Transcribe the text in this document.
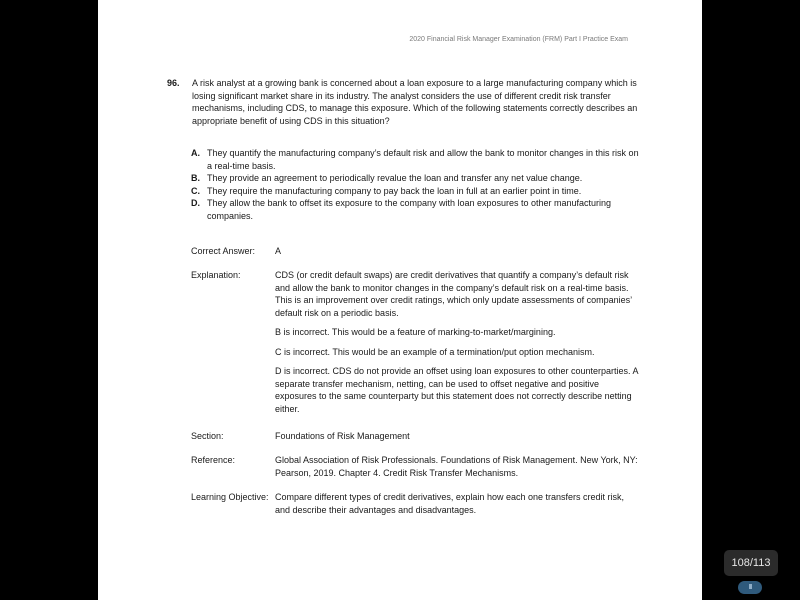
2020 Financial Risk Manager Examination (FRM) Part I Practice Exam
96. A risk analyst at a growing bank is concerned about a loan exposure to a large manufacturing company which is losing significant market share in its industry. The analyst considers the use of different credit risk transfer mechanisms, including CDS, to manage this exposure. Which of the following statements correctly describes an appropriate benefit of using CDS in this situation?
A. They quantify the manufacturing company’s default risk and allow the bank to monitor changes in this risk on a real-time basis.
B. They provide an agreement to periodically revalue the loan and transfer any net value change.
C. They require the manufacturing company to pay back the loan in full at an earlier point in time.
D. They allow the bank to offset its exposure to the company with loan exposures to other manufacturing companies.
Correct Answer:	A
Explanation:	CDS (or credit default swaps) are credit derivatives that quantify a company’s default risk and allow the bank to monitor changes in the company’s default risk on a real-time basis. This is an improvement over credit ratings, which only update assessments of companies’ default risk on a periodic basis.

B is incorrect. This would be a feature of marking-to-market/margining.

C is incorrect. This would be an example of a termination/put option mechanism.

D is incorrect. CDS do not provide an offset using loan exposures to other counterparties. A separate transfer mechanism, netting, can be used to offset negative and positive exposures to the same counterparty but this statement does not correctly describe netting either.

Section:	Foundations of Risk Management
Reference:	Global Association of Risk Professionals. Foundations of Risk Management. New York, NY: Pearson, 2019. Chapter 4. Credit Risk Transfer Mechanisms.
Learning Objective: Compare different types of credit derivatives, explain how each one transfers credit risk, and describe their advantages and disadvantages.
108/113
III
